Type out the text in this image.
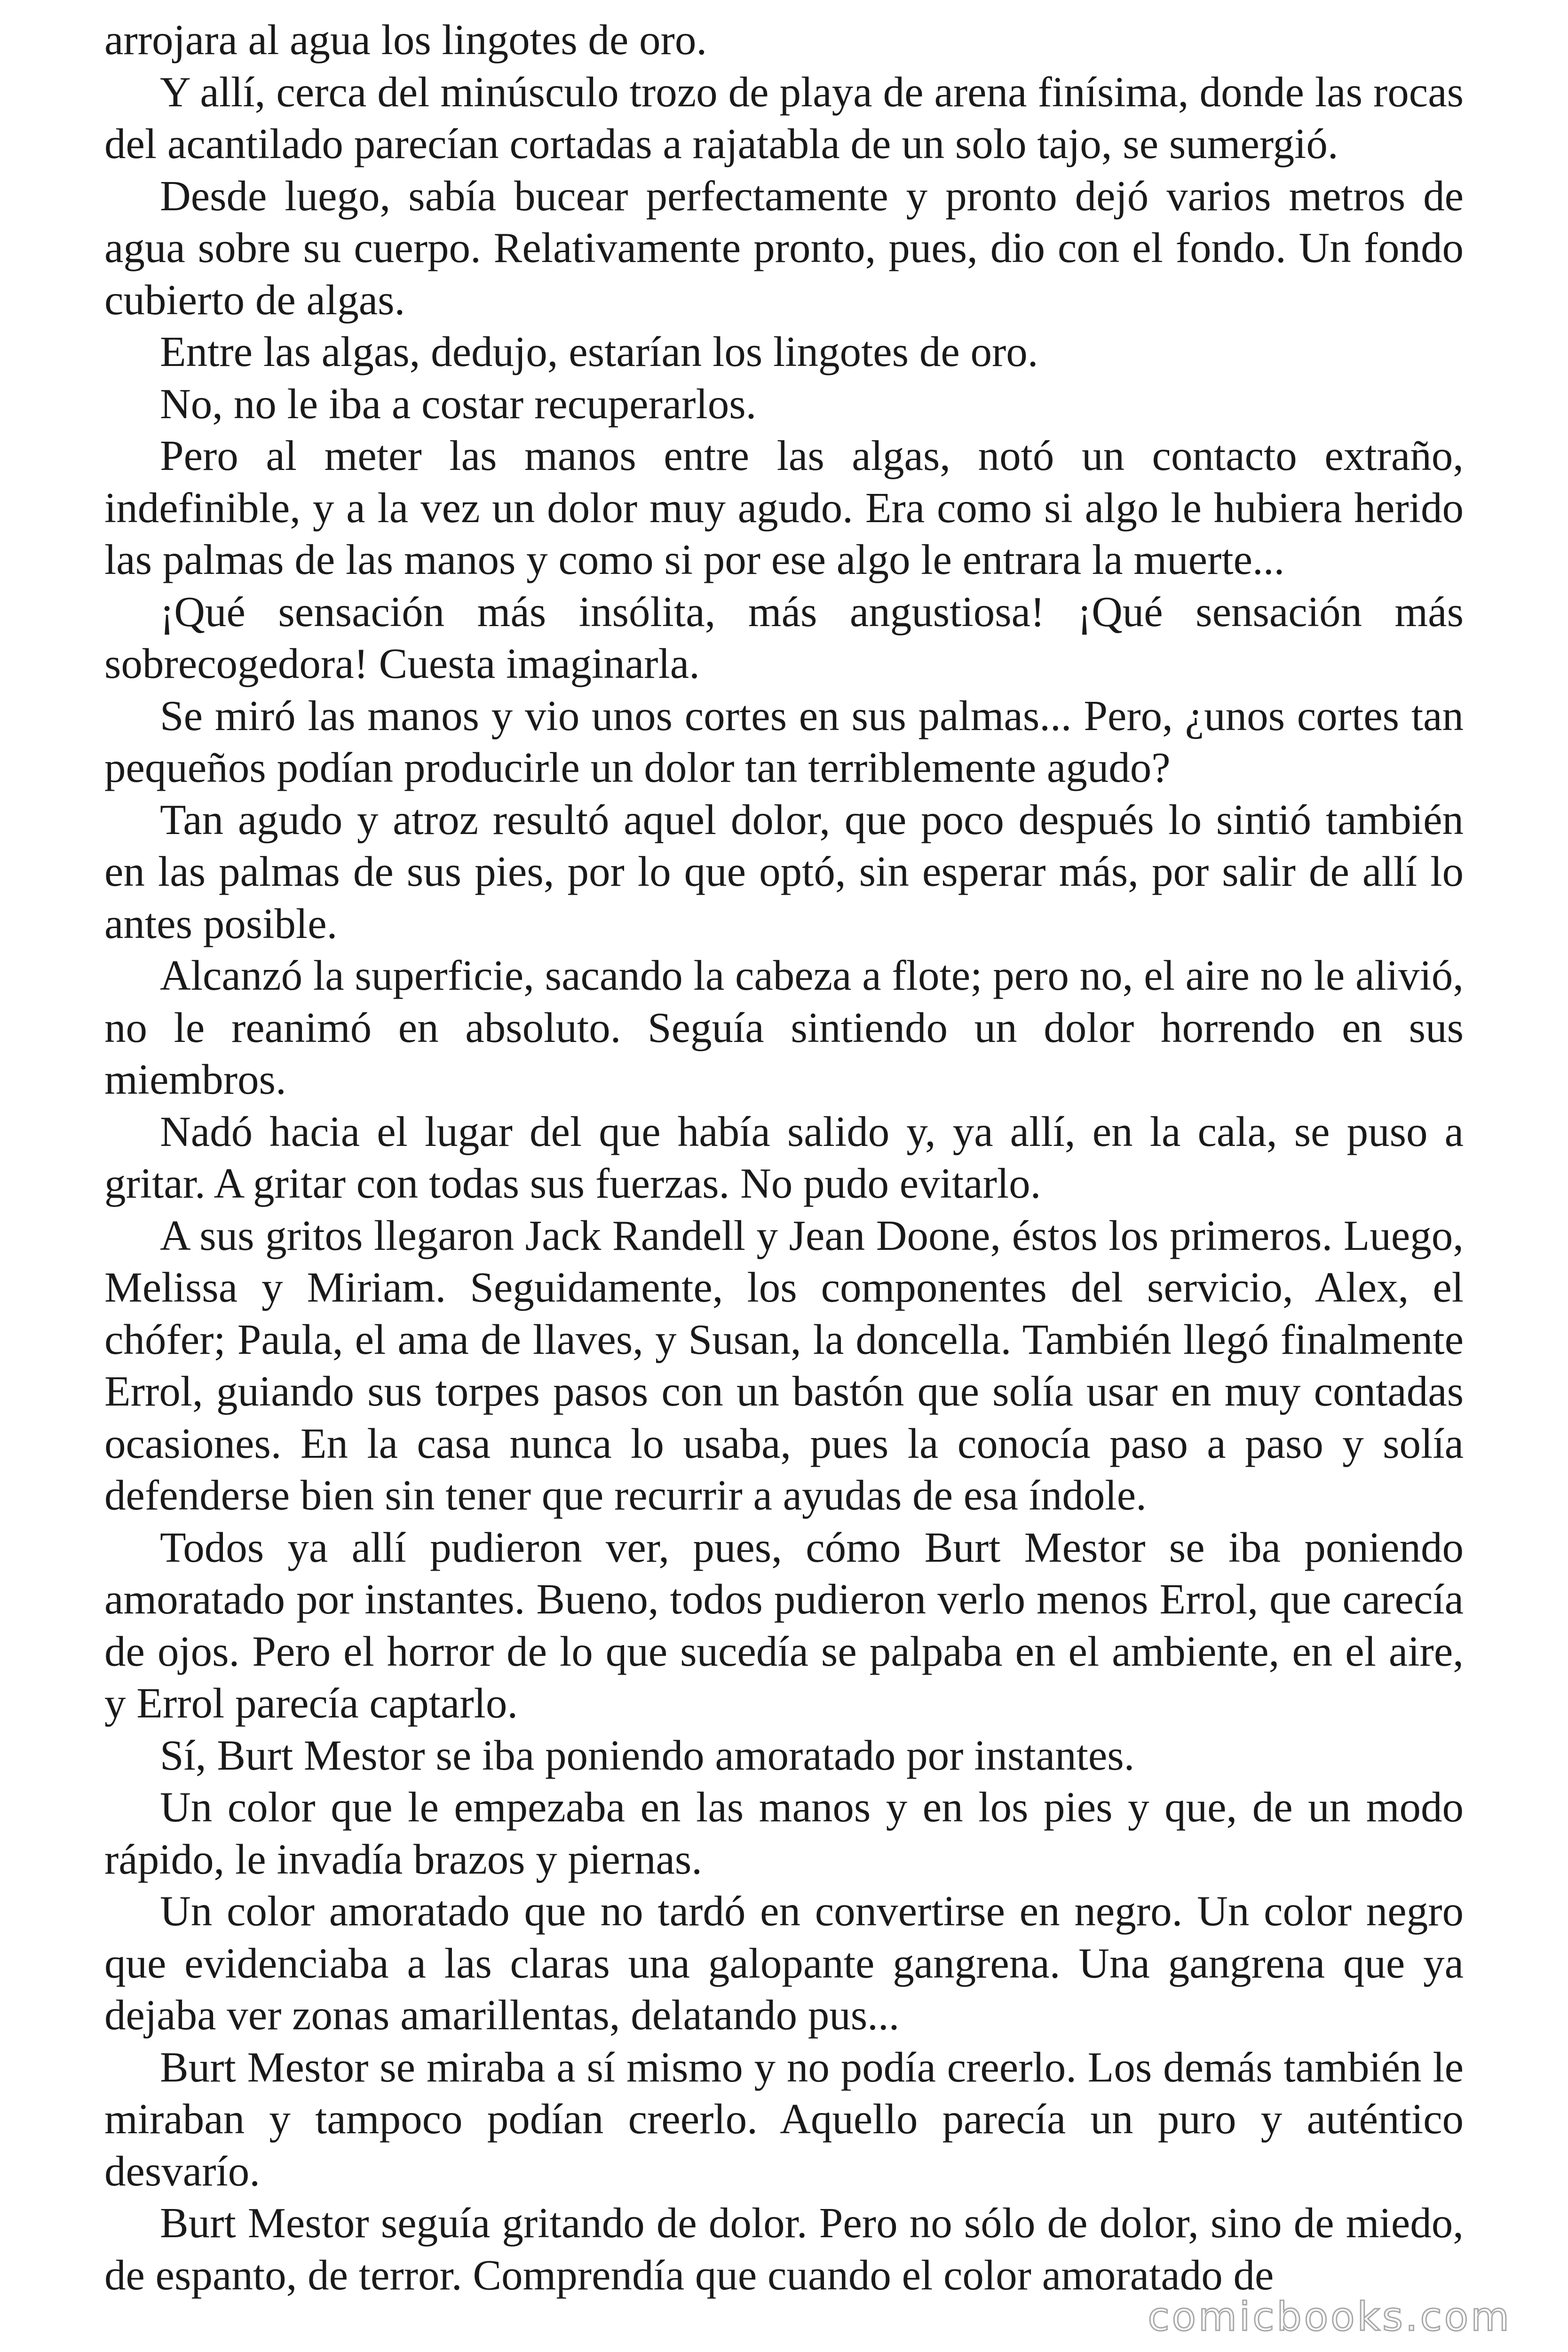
arrojara al agua los lingotes de oro.

Y allí, cerca del minúsculo trozo de playa de arena finísima, donde las rocas del acantilado parecían cortadas a rajatabla de un solo tajo, se sumergió.

Desde luego, sabía bucear perfectamente y pronto dejó varios metros de agua sobre su cuerpo. Relativamente pronto, pues, dio con el fondo. Un fondo cubierto de algas.

Entre las algas, dedujo, estarían los lingotes de oro.

No, no le iba a costar recuperarlos.

Pero al meter las manos entre las algas, notó un contacto extraño, indefinible, y a la vez un dolor muy agudo. Era como si algo le hubiera herido las palmas de las manos y como si por ese algo le entrara la muerte...

¡Qué sensación más insólita, más angustiosa! ¡Qué sensación más sobrecogedora! Cuesta imaginarla.

Se miró las manos y vio unos cortes en sus palmas... Pero, ¿unos cortes tan pequeños podían producirle un dolor tan terriblemente agudo?

Tan agudo y atroz resultó aquel dolor, que poco después lo sintió también en las palmas de sus pies, por lo que optó, sin esperar más, por salir de allí lo antes posible.

Alcanzó la superficie, sacando la cabeza a flote; pero no, el aire no le alivió, no le reanimó en absoluto. Seguía sintiendo un dolor horrendo en sus miembros.

Nadó hacia el lugar del que había salido y, ya allí, en la cala, se puso a gritar. A gritar con todas sus fuerzas. No pudo evitarlo.

A sus gritos llegaron Jack Randell y Jean Doone, éstos los primeros. Luego, Melissa y Miriam. Seguidamente, los componentes del servicio, Alex, el chófer; Paula, el ama de llaves, y Susan, la doncella. También llegó finalmente Errol, guiando sus torpes pasos con un bastón que solía usar en muy contadas ocasiones. En la casa nunca lo usaba, pues la conocía paso a paso y solía defenderse bien sin tener que recurrir a ayudas de esa índole.

Todos ya allí pudieron ver, pues, cómo Burt Mestor se iba poniendo amoratado por instantes. Bueno, todos pudieron verlo menos Errol, que carecía de ojos. Pero el horror de lo que sucedía se palpaba en el ambiente, en el aire, y Errol parecía captarlo.

Sí, Burt Mestor se iba poniendo amoratado por instantes.

Un color que le empezaba en las manos y en los pies y que, de un modo rápido, le invadía brazos y piernas.

Un color amoratado que no tardó en convertirse en negro. Un color negro que evidenciaba a las claras una galopante gangrena. Una gangrena que ya dejaba ver zonas amarillentas, delatando pus...

Burt Mestor se miraba a sí mismo y no podía creerlo. Los demás también le miraban y tampoco podían creerlo. Aquello parecía un puro y auténtico desvarío.

Burt Mestor seguía gritando de dolor. Pero no sólo de dolor, sino de miedo, de espanto, de terror. Comprendía que cuando el color amoratado de

comicbooks.com
